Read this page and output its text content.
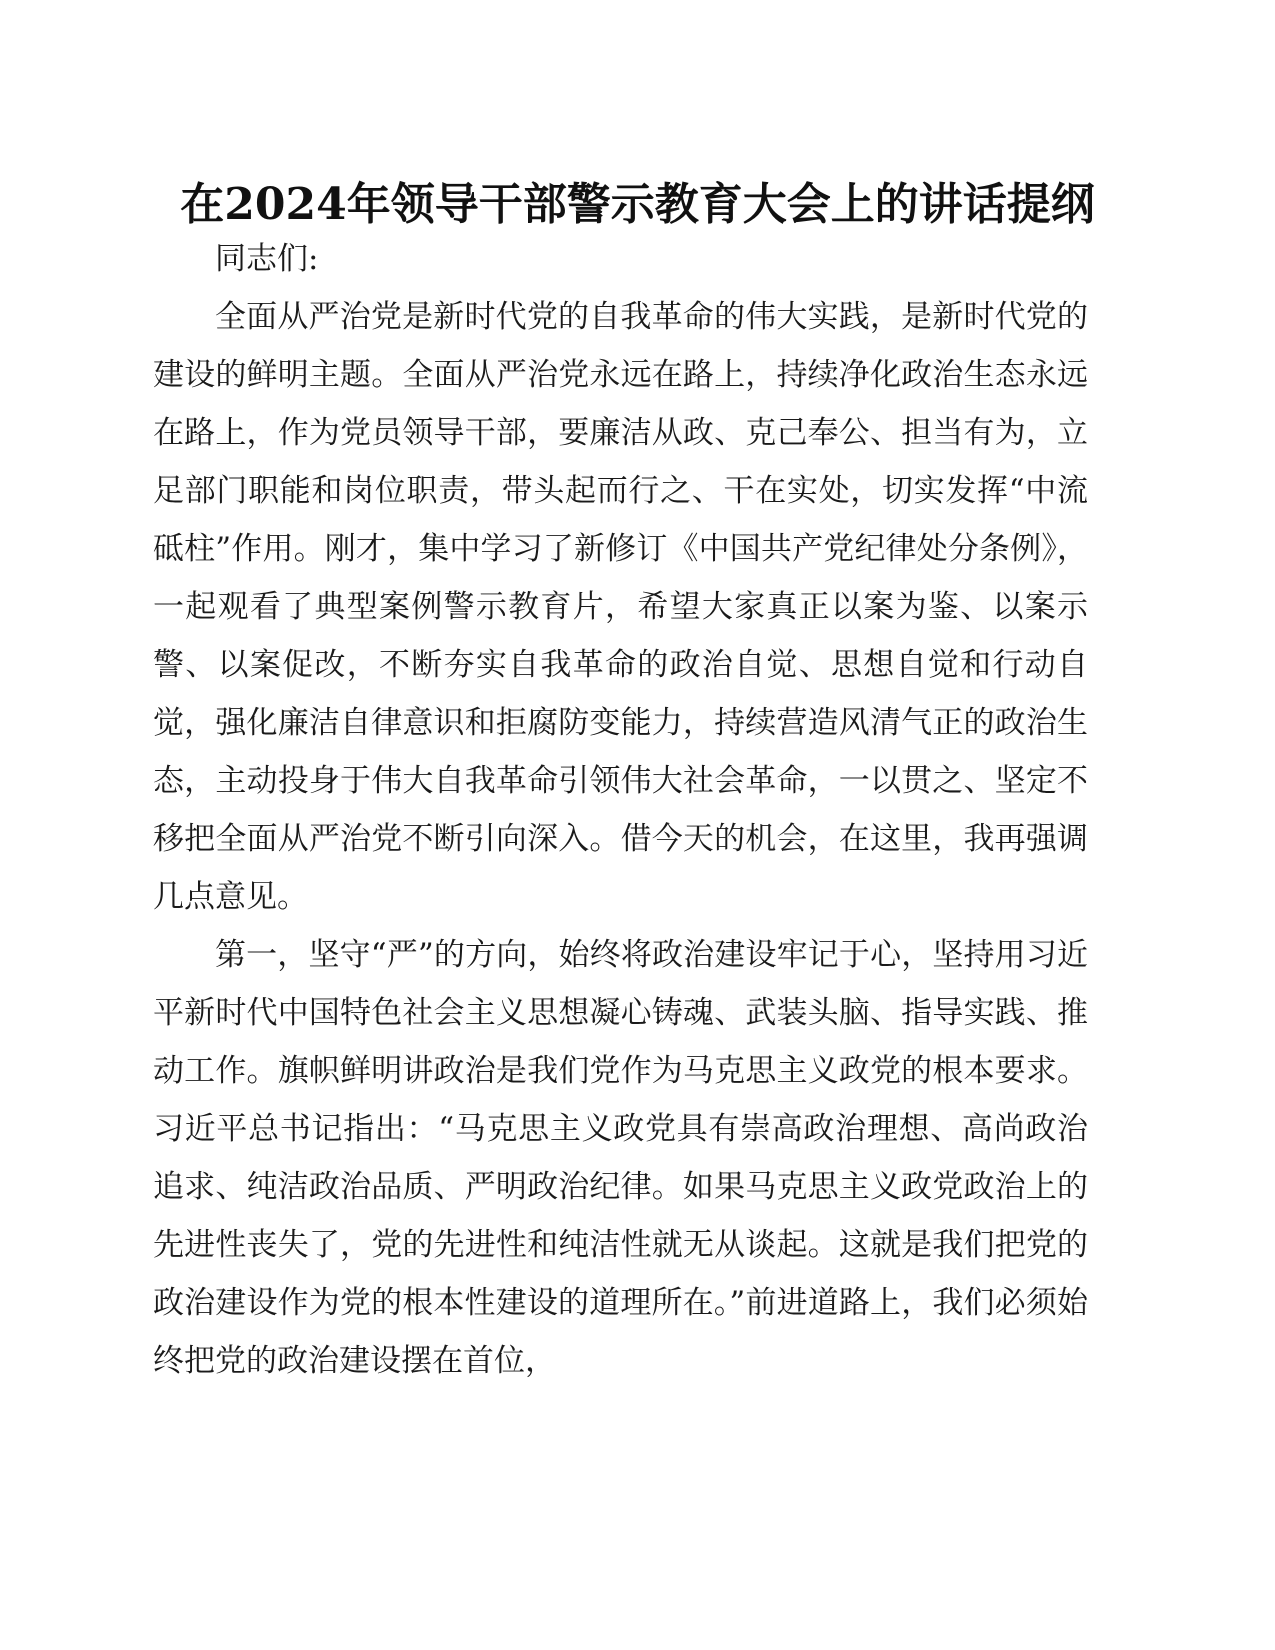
在2024年领导干部警示教育大会上的讲话提纲

同志们:

全面从严治党是新时代党的自我革命的伟大实践，是新时代党的建设的鲜明主题。全面从严治党永远在路上，持续净化政治生态永远在路上，作为党员领导干部，要廉洁从政、克己奉公、担当有为，立足部门职能和岗位职责，带头起而行之、干在实处，切实发挥“中流砥柱”作用。刚才，集中学习了新修订《中国共产党纪律处分条例》，一起观看了典型案例警示教育片，希望大家真正以案为鉴、以案示警、以案促改，不断夯实自我革命的政治自觉、思想自觉和行动自觉，强化廉洁自律意识和拒腐防变能力，持续营造风清气正的政治生态，主动投身于伟大自我革命引领伟大社会革命，一以贯之、坚定不移把全面从严治党不断引向深入。借今天的机会，在这里，我再强调几点意见。

第一，坚守“严”的方向，始终将政治建设牢记于心，坚持用习近平新时代中国特色社会主义思想凝心铸魂、武装头脑、指导实践、推动工作。旗帜鲜明讲政治是我们党作为马克思主义政党的根本要求。习近平总书记指出：“马克思主义政党具有崇高政治理想、高尚政治追求、纯洁政治品质、严明政治纪律。如果马克思主义政党政治上的先进性丧失了，党的先进性和纯洁性就无从谈起。这就是我们把党的政治建设作为党的根本性建设的道理所在。”前进道路上，我们必须始终把党的政治建设摆在首位，
